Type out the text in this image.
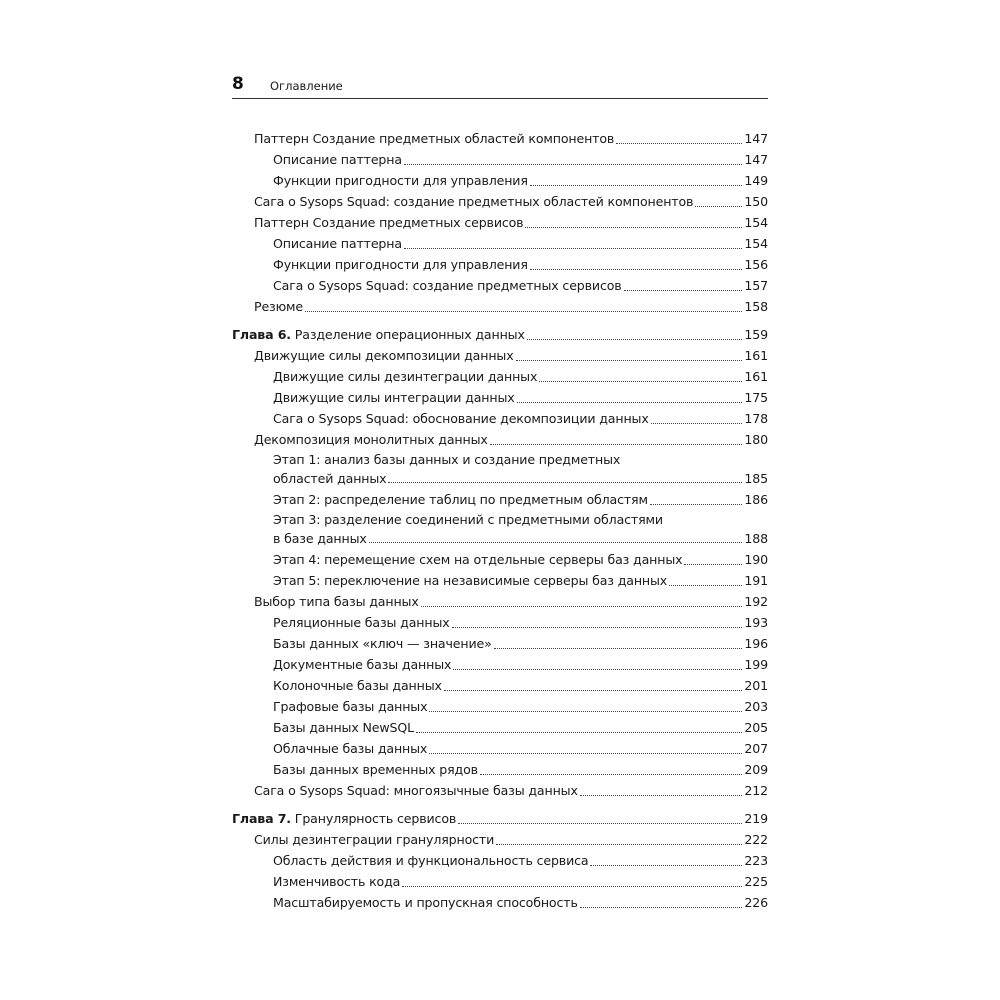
8 Оглавление
Паттерн Создание предметных областей компонентов	147
Описание паттерна	147
Функции пригодности для управления	149
Сага о Sysops Squad: создание предметных областей компонентов	150
Паттерн Создание предметных сервисов	154
Описание паттерна	154
Функции пригодности для управления	156
Сага о Sysops Squad: создание предметных сервисов	157
Резюме	158
Глава 6. Разделение операционных данных	159
Движущие силы декомпозиции данных	161
Движущие силы дезинтеграции данных	161
Движущие силы интеграции данных	175
Сага о Sysops Squad: обоснование декомпозиции данных	178
Декомпозиция монолитных данных	180
Этап 1: анализ базы данных и создание предметных
областей данных	185
Этап 2: распределение таблиц по предметным областям	186
Этап 3: разделение соединений с предметными областями
в базе данных	188
Этап 4: перемещение схем на отдельные серверы баз данных	190
Этап 5: переключение на независимые серверы баз данных	191
Выбор типа базы данных	192
Реляционные базы данных	193
Базы данных «ключ — значение»	196
Документные базы данных	199
Колоночные базы данных	201
Графовые базы данных	203
Базы данных NewSQL	205
Облачные базы данных	207
Базы данных временных рядов	209
Сага о Sysops Squad: многоязычные базы данных	212
Глава 7. Гранулярность сервисов	219
Силы дезинтеграции гранулярности	222
Область действия и функциональность сервиса	223
Изменчивость кода	225
Масштабируемость и пропускная способность	226
